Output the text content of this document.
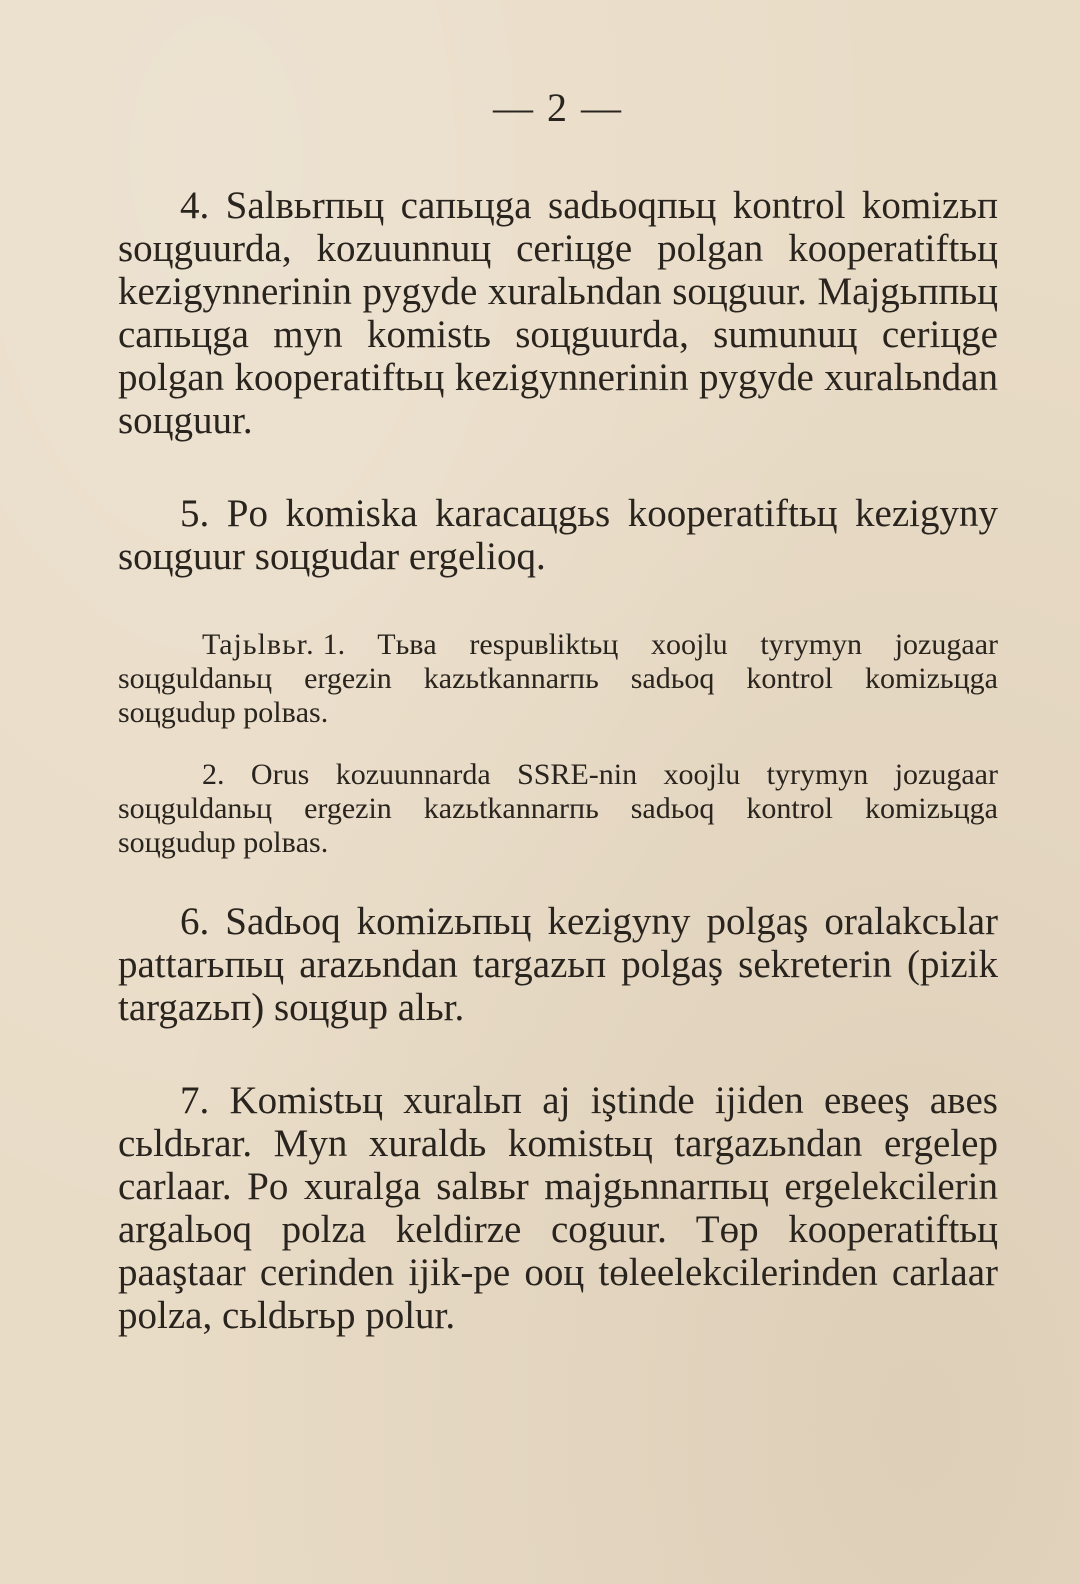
— 2 —

4. Salвьrпьц caпьцga sadьoqпьц kontrol komizьп soцguurda, kozuunnuц ceriцge polgan kooperatiftьц kezigynnerinin pygyde xuralьndan soцguur. Majgьппьц caпьцga myn komistь soцguurda, sumunuц ceriцge polgan kooperatiftьц kezigynnerinin pygyde xuralьndan soцguur.

5. Po komiska karacaцgьs kooperatiftьц kezigyny soцguur soцgudar ergelioq.

Tajьlвьr. 1. Tьвa respuвliktьц xoojlu tyrymyn jozugaar soцguldanьц ergezin kazьtkannarпь sadьoq kontrol komizьцga soцgudup polвas.

2. Orus kozuunnarda SSRE-nin xoojlu tyrymyn jozugaar soцguldanьц ergezin kazьtkannarпь sadьoq kontrol komizьцga soцgudup polвas.

6. Sadьoq komizьпьц kezigyny polgaş oralakcьlar pattarьпьц arazьndan targazьп polgaş sekreterin (pizik targazьп) soцgup alьr.

7. Komistьц xuralьп aj iştinde ijiden eвeeş aвes cьldьrar. Myn xuraldь komistьц targazьndan ergelep carlaar. Po xuralga salвьr majgьnnarпьц ergelekcilerin argalьoq polza keldirze coguur. Tөp kooperatiftьц paaştaar cerinden ijik-pe ooц tөleelekcilerinden carlaar polza, cьldьrьp polur.
